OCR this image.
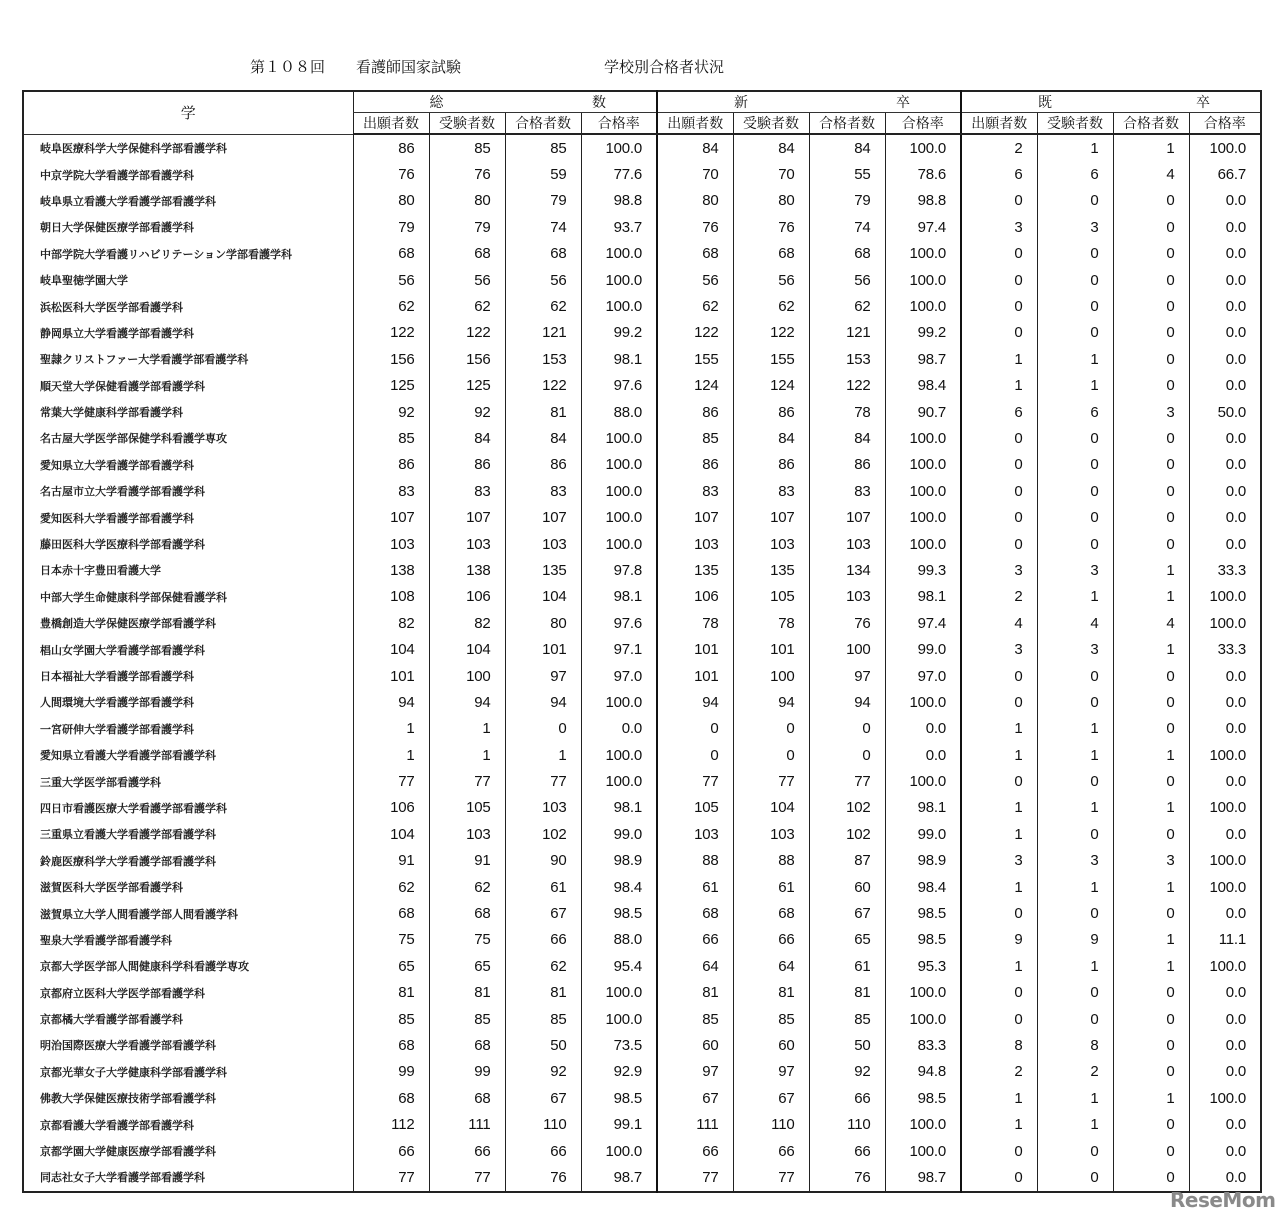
第１０８回 看護師国家試験	学校別合格者状況
学	総 数				新 卒				既 卒			

	出願者数	受験者数	合格者数	合格率	出願者数	受験者数	合格者数	合格率	出願者数	受験者数	合格者数	合格率
岐阜医療科学大学保健科学部看護学科	86	85	85	100.0	84	84	84	100.0	2	1	1	100.0
中京学院大学看護学部看護学科	76	76	59	77.6	70	70	55	78.6	6	6	4	66.7
岐阜県立看護大学看護学部看護学科	80	80	79	98.8	80	80	79	98.8	0	0	0	0.0
朝日大学保健医療学部看護学科	79	79	74	93.7	76	76	74	97.4	3	3	0	0.0
中部学院大学看護リハビリテーション学部看護学科	68	68	68	100.0	68	68	68	100.0	0	0	0	0.0
岐阜聖徳学園大学	56	56	56	100.0	56	56	56	100.0	0	0	0	0.0
浜松医科大学医学部看護学科	62	62	62	100.0	62	62	62	100.0	0	0	0	0.0
静岡県立大学看護学部看護学科	122	122	121	99.2	122	122	121	99.2	0	0	0	0.0
聖隷クリストファー大学看護学部看護学科	156	156	153	98.1	155	155	153	98.7	1	1	0	0.0
順天堂大学保健看護学部看護学科	125	125	122	97.6	124	124	122	98.4	1	1	0	0.0
常葉大学健康科学部看護学科	92	92	81	88.0	86	86	78	90.7	6	6	3	50.0
名古屋大学医学部保健学科看護学専攻	85	84	84	100.0	85	84	84	100.0	0	0	0	0.0
愛知県立大学看護学部看護学科	86	86	86	100.0	86	86	86	100.0	0	0	0	0.0
名古屋市立大学看護学部看護学科	83	83	83	100.0	83	83	83	100.0	0	0	0	0.0
愛知医科大学看護学部看護学科	107	107	107	100.0	107	107	107	100.0	0	0	0	0.0
藤田医科大学医療科学部看護学科	103	103	103	100.0	103	103	103	100.0	0	0	0	0.0
日本赤十字豊田看護大学	138	138	135	97.8	135	135	134	99.3	3	3	1	33.3
中部大学生命健康科学部保健看護学科	108	106	104	98.1	106	105	103	98.1	2	1	1	100.0
豊橋創造大学保健医療学部看護学科	82	82	80	97.6	78	78	76	97.4	4	4	4	100.0
椙山女学園大学看護学部看護学科	104	104	101	97.1	101	101	100	99.0	3	3	1	33.3
日本福祉大学看護学部看護学科	101	100	97	97.0	101	100	97	97.0	0	0	0	0.0
人間環境大学看護学部看護学科	94	94	94	100.0	94	94	94	100.0	0	0	0	0.0
一宮研伸大学看護学部看護学科	1	1	0	0.0	0	0	0	0.0	1	1	0	0.0
愛知県立看護大学看護学部看護学科	1	1	1	100.0	0	0	0	0.0	1	1	1	100.0
三重大学医学部看護学科	77	77	77	100.0	77	77	77	100.0	0	0	0	0.0
四日市看護医療大学看護学部看護学科	106	105	103	98.1	105	104	102	98.1	1	1	1	100.0
三重県立看護大学看護学部看護学科	104	103	102	99.0	103	103	102	99.0	1	0	0	0.0
鈴鹿医療科学大学看護学部看護学科	91	91	90	98.9	88	88	87	98.9	3	3	3	100.0
滋賀医科大学医学部看護学科	62	62	61	98.4	61	61	60	98.4	1	1	1	100.0
滋賀県立大学人間看護学部人間看護学科	68	68	67	98.5	68	68	67	98.5	0	0	0	0.0
聖泉大学看護学部看護学科	75	75	66	88.0	66	66	65	98.5	9	9	1	11.1
京都大学医学部人間健康科学科看護学専攻	65	65	62	95.4	64	64	61	95.3	1	1	1	100.0
京都府立医科大学医学部看護学科	81	81	81	100.0	81	81	81	100.0	0	0	0	0.0
京都橘大学看護学部看護学科	85	85	85	100.0	85	85	85	100.0	0	0	0	0.0
明治国際医療大学看護学部看護学科	68	68	50	73.5	60	60	50	83.3	8	8	0	0.0
京都光華女子大学健康科学部看護学科	99	99	92	92.9	97	97	92	94.8	2	2	0	0.0
佛教大学保健医療技術学部看護学科	68	68	67	98.5	67	67	66	98.5	1	1	1	100.0
京都看護大学看護学部看護学科	112	111	110	99.1	111	110	110	100.0	1	1	0	0.0
京都学園大学健康医療学部看護学科	66	66	66	100.0	66	66	66	100.0	0	0	0	0.0
同志社女子大学看護学部看護学科	77	77	76	98.7	77	77	76	98.7	0	0	0	0.0
ReseMom
